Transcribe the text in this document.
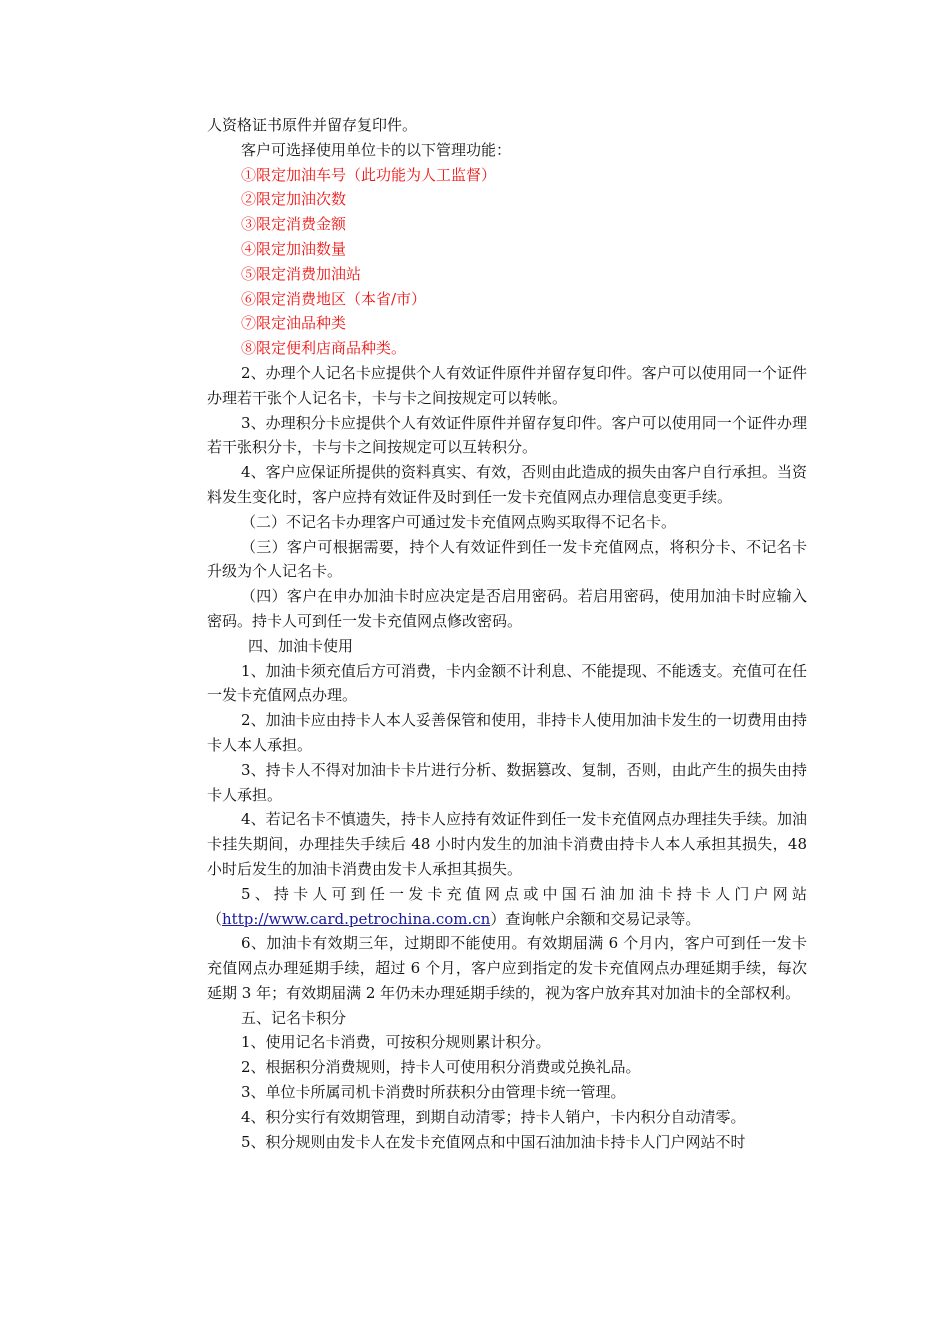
人资格证书原件并留存复印件。

客户可选择使用单位卡的以下管理功能：

①限定加油车号（此功能为人工监督）

②限定加油次数

③限定消费金额

④限定加油数量

⑤限定消费加油站

⑥限定消费地区（本省/市）

⑦限定油品种类

⑧限定便利店商品种类。

2、办理个人记名卡应提供个人有效证件原件并留存复印件。客户可以使用同一个证件办理若干张个人记名卡，卡与卡之间按规定可以转帐。

3、办理积分卡应提供个人有效证件原件并留存复印件。客户可以使用同一个证件办理若干张积分卡，卡与卡之间按规定可以互转积分。

4、客户应保证所提供的资料真实、有效，否则由此造成的损失由客户自行承担。当资料发生变化时，客户应持有效证件及时到任一发卡充值网点办理信息变更手续。

（二）不记名卡办理客户可通过发卡充值网点购买取得不记名卡。

（三）客户可根据需要，持个人有效证件到任一发卡充值网点，将积分卡、不记名卡升级为个人记名卡。

（四）客户在申办加油卡时应决定是否启用密码。若启用密码，使用加油卡时应输入密码。持卡人可到任一发卡充值网点修改密码。

四、加油卡使用

1、加油卡须充值后方可消费，卡内金额不计利息、不能提现、不能透支。充值可在任一发卡充值网点办理。

2、加油卡应由持卡人本人妥善保管和使用，非持卡人使用加油卡发生的一切费用由持卡人本人承担。

3、持卡人不得对加油卡卡片进行分析、数据篡改、复制，否则，由此产生的损失由持卡人承担。

4、若记名卡不慎遗失，持卡人应持有效证件到任一发卡充值网点办理挂失手续。加油卡挂失期间，办理挂失手续后 48 小时内发生的加油卡消费由持卡人本人承担其损失，48 小时后发生的加油卡消费由发卡人承担其损失。

5、持卡人可到任一发卡充值网点或中国石油加油卡持卡人门户网站

（http://www.card.petrochina.com.cn）查询帐户余额和交易记录等。

6、加油卡有效期三年，过期即不能使用。有效期届满 6 个月内，客户可到任一发卡充值网点办理延期手续，超过 6 个月，客户应到指定的发卡充值网点办理延期手续，每次延期 3 年；有效期届满 2 年仍未办理延期手续的，视为客户放弃其对加油卡的全部权利。

五、记名卡积分

1、使用记名卡消费，可按积分规则累计积分。

2、根据积分消费规则，持卡人可使用积分消费或兑换礼品。

3、单位卡所属司机卡消费时所获积分由管理卡统一管理。

4、积分实行有效期管理，到期自动清零；持卡人销户，卡内积分自动清零。

5、积分规则由发卡人在发卡充值网点和中国石油加油卡持卡人门户网站不时
